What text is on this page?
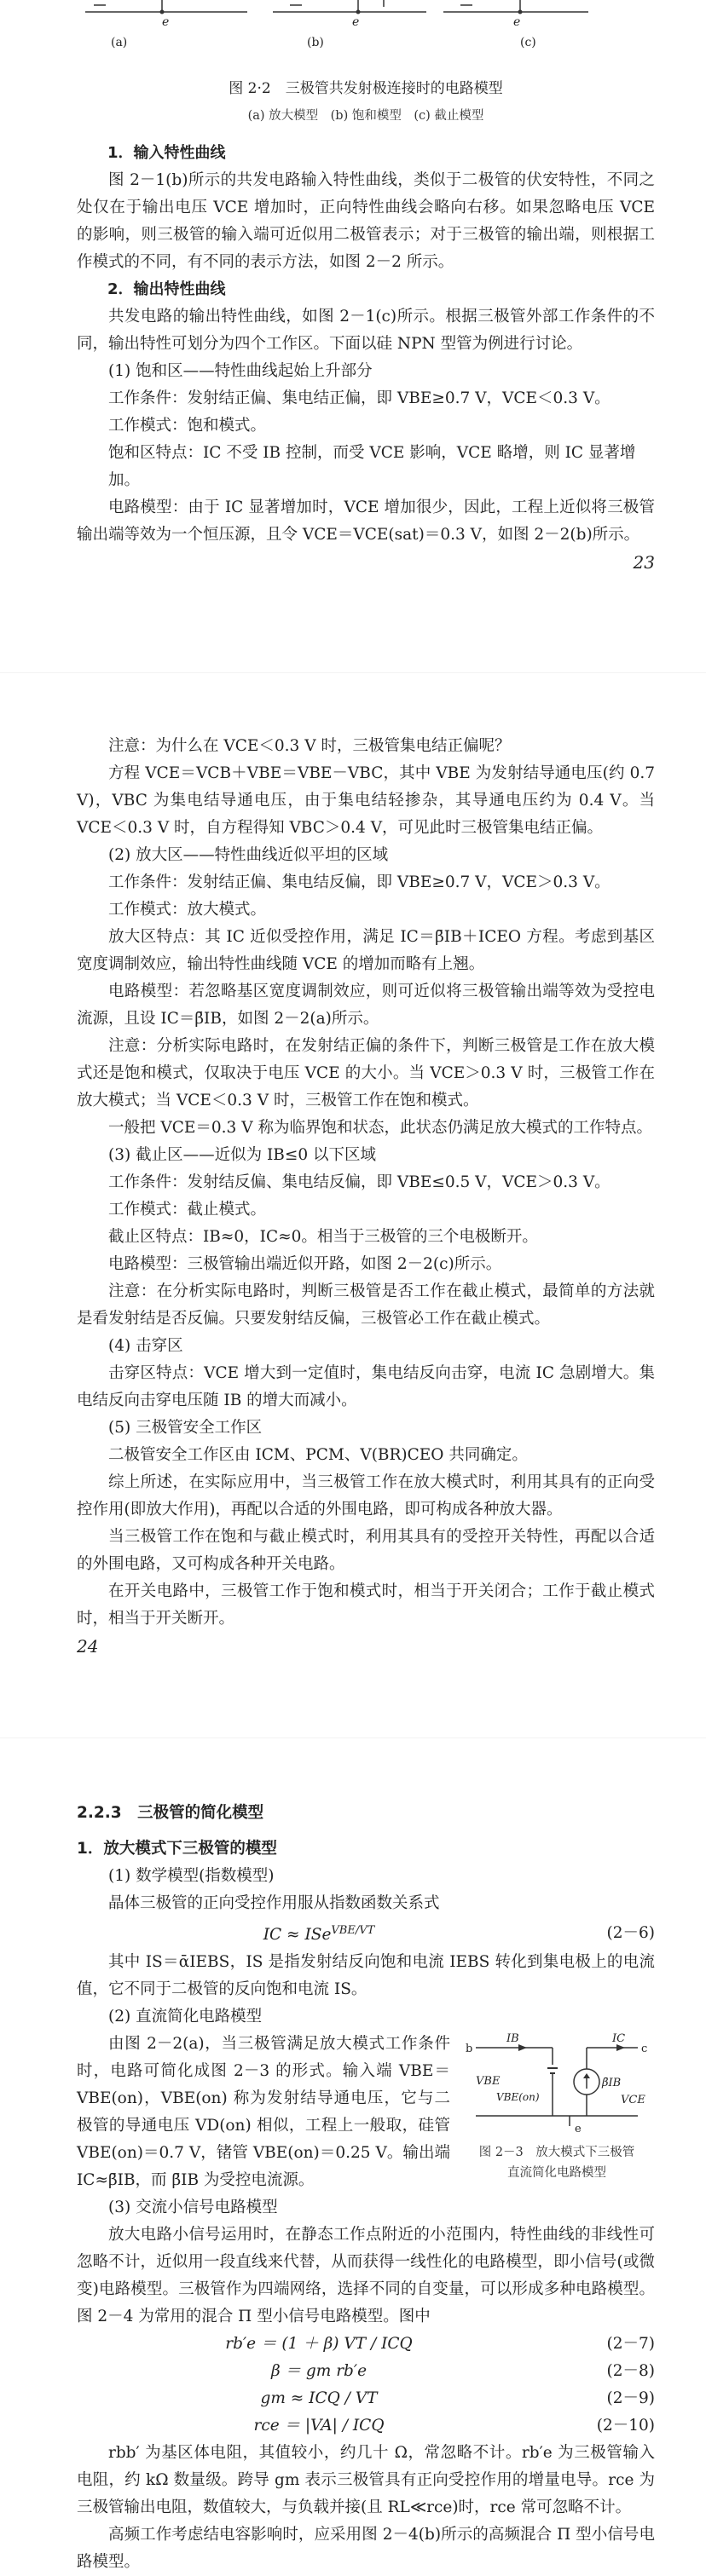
e	e	e
(a)	(b)	(c)

图 2·2　三极管共发射极连接时的电路模型

(a) 放大模型　(b) 饱和模型　(c) 截止模型

1．输入特性曲线

图 2－1(b)所示的共发电路输入特性曲线，类似于二极管的伏安特性，不同之处仅在于输出电压 VCE 增加时，正向特性曲线会略向右移。如果忽略电压 VCE 的影响，则三极管的输入端可近似用二极管表示；对于三极管的输出端，则根据工作模式的不同，有不同的表示方法，如图 2－2 所示。

2．输出特性曲线

共发电路的输出特性曲线，如图 2－1(c)所示。根据三极管外部工作条件的不同，输出特性可划分为四个工作区。下面以硅 NPN 型管为例进行讨论。

(1) 饱和区——特性曲线起始上升部分

工作条件：发射结正偏、集电结正偏，即 VBE≥0.7 V，VCE＜0.3 V。

工作模式：饱和模式。

饱和区特点：IC 不受 IB 控制，而受 VCE 影响，VCE 略增，则 IC 显著增加。

电路模型：由于 IC 显著增加时，VCE 增加很少，因此，工程上近似将三极管输出端等效为一个恒压源，且令 VCE＝VCE(sat)＝0.3 V，如图 2－2(b)所示。

23

注意：为什么在 VCE＜0.3 V 时，三极管集电结正偏呢？

方程 VCE＝VCB＋VBE＝VBE－VBC，其中 VBE 为发射结导通电压(约 0.7 V)，VBC 为集电结导通电压，由于集电结轻掺杂，其导通电压约为 0.4 V。当 VCE＜0.3 V 时，自方程得知 VBC＞0.4 V，可见此时三极管集电结正偏。

(2) 放大区——特性曲线近似平坦的区域

工作条件：发射结正偏、集电结反偏，即 VBE≥0.7 V，VCE＞0.3 V。

工作模式：放大模式。

放大区特点：其 IC 近似受控作用，满足 IC＝β̄IB＋ICEO 方程。考虑到基区宽度调制效应，输出特性曲线随 VCE 的增加而略有上翘。

电路模型：若忽略基区宽度调制效应，则可近似将三极管输出端等效为受控电流源，且设 IC＝β̄IB，如图 2－2(a)所示。

注意：分析实际电路时，在发射结正偏的条件下，判断三极管是工作在放大模式还是饱和模式，仅取决于电压 VCE 的大小。当 VCE＞0.3 V 时，三极管工作在放大模式；当 VCE＜0.3 V 时，三极管工作在饱和模式。

一般把 VCE＝0.3 V 称为临界饱和状态，此状态仍满足放大模式的工作特点。

(3) 截止区——近似为 IB≤0 以下区域

工作条件：发射结反偏、集电结反偏，即 VBE≤0.5 V，VCE＞0.3 V。

工作模式：截止模式。

截止区特点：IB≈0，IC≈0。相当于三极管的三个电极断开。

电路模型：三极管输出端近似开路，如图 2－2(c)所示。

注意：在分析实际电路时，判断三极管是否工作在截止模式，最简单的方法就是看发射结是否反偏。只要发射结反偏，三极管必工作在截止模式。

(4) 击穿区

击穿区特点：VCE 增大到一定值时，集电结反向击穿，电流 IC 急剧增大。集电结反向击穿电压随 IB 的增大而减小。

(5) 三极管安全工作区

二极管安全工作区由 ICM、PCM、V(BR)CEO 共同确定。

综上所述，在实际应用中，当三极管工作在放大模式时，利用其具有的正向受控作用(即放大作用)，再配以合适的外围电路，即可构成各种放大器。

当三极管工作在饱和与截止模式时，利用其具有的受控开关特性，再配以合适的外围电路，又可构成各种开关电路。

在开关电路中，三极管工作于饱和模式时，相当于开关闭合；工作于截止模式时，相当于开关断开。

24

2.2.3　三极管的简化模型

1．放大模式下三极管的模型

(1) 数学模型(指数模型)

晶体三极管的正向受控作用服从指数函数关系式

IC ≈ ISe$^{VBE/VT}$	(2－6)

其中 IS＝ᾱIEBS，IS 是指发射结反向饱和电流 IEBS 转化到集电极上的电流值，它不同于二极管的反向饱和电流 IS。

(2) 直流简化电路模型

IB	IC
b	c
VBE
VBE(on)
β̄IB
VCE
e

图 2－3　放大模式下三极管

直流简化电路模型

由图 2－2(a)，当三极管满足放大模式工作条件时，电路可简化成图 2－3 的形式。输入端 VBE＝VBE(on)，VBE(on) 称为发射结导通电压，它与二极管的导通电压 VD(on) 相似，工程上一般取，硅管 VBE(on)＝0.7 V，锗管 VBE(on)＝0.25 V。输出端 IC≈β̄IB，而 β̄IB 为受控电流源。

(3) 交流小信号电路模型

放大电路小信号运用时，在静态工作点附近的小范围内，特性曲线的非线性可忽略不计，近似用一段直线来代替，从而获得一线性化的电路模型，即小信号(或微变)电路模型。三极管作为四端网络，选择不同的自变量，可以形成多种电路模型。图 2－4 为常用的混合 Π 型小信号电路模型。图中

rb′e ＝ (1 ＋ β) VT / ICQ	(2－7)
β ＝ gm rb′e	(2－8)
gm ≈ ICQ / VT	(2－9)
rce ＝ |VA| / ICQ	(2－10)

rbb′ 为基区体电阻，其值较小，约几十 Ω，常忽略不计。rb′e 为三极管输入电阻，约 kΩ 数量级。跨导 gm 表示三极管具有正向受控作用的增量电导。rce 为三极管输出电阻，数值较大，与负载并接(且 RL≪rce)时，rce 常可忽略不计。

高频工作考虑结电容影响时，应采用图 2－4(b)所示的高频混合 Π 型小信号电路模型。
